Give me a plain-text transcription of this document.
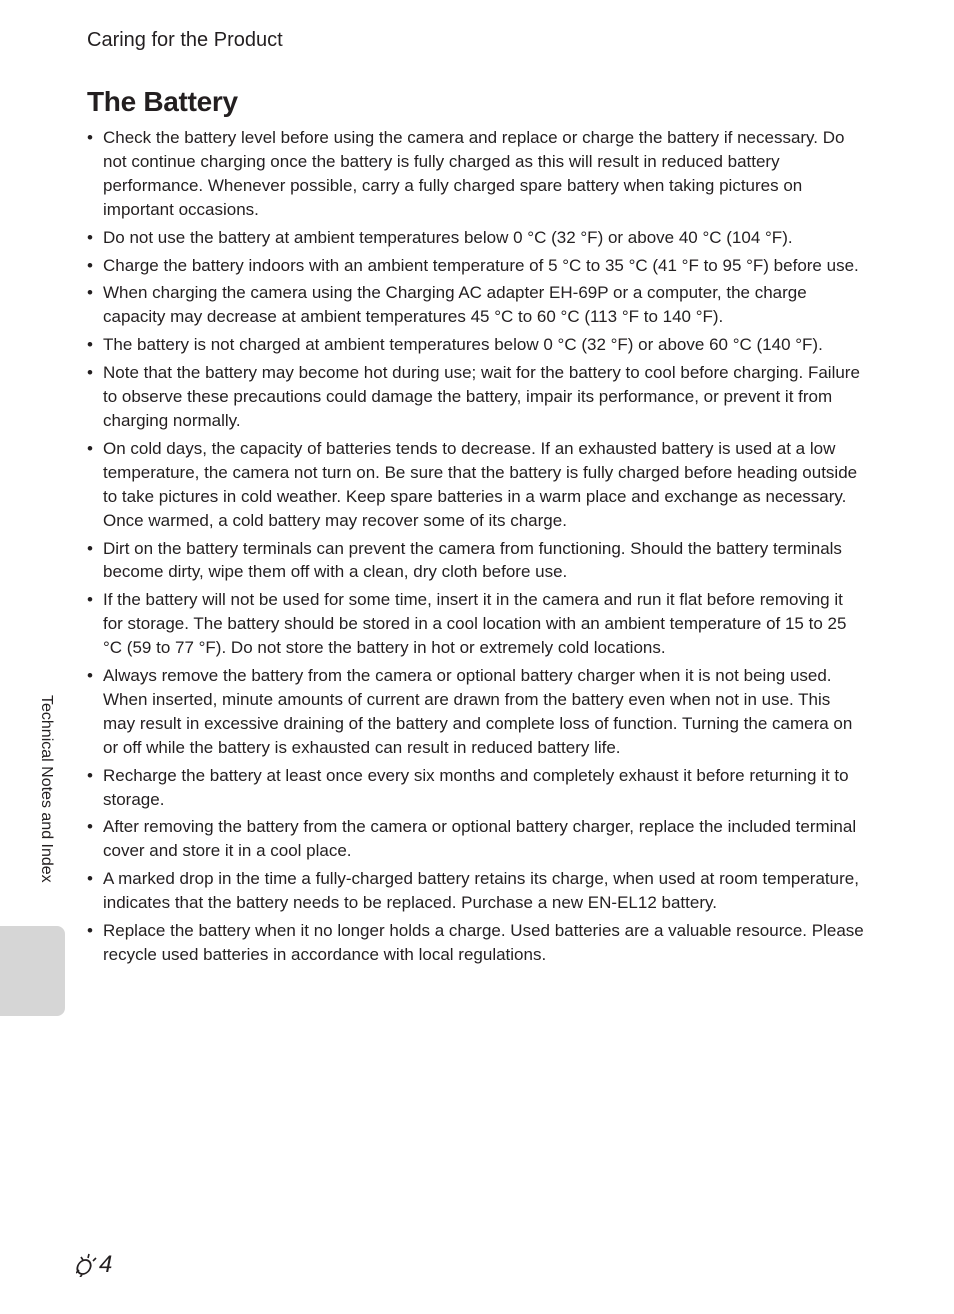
Caring for the Product
The Battery
• Check the battery level before using the camera and replace or charge the battery if necessary. Do not continue charging once the battery is fully charged as this will result in reduced battery performance. Whenever possible, carry a fully charged spare battery when taking pictures on important occasions.
• Do not use the battery at ambient temperatures below 0 °C (32 °F) or above 40 °C (104 °F).
• Charge the battery indoors with an ambient temperature of 5 °C to 35 °C (41 °F to 95 °F) before use.
• When charging the camera using the Charging AC adapter EH-69P or a computer, the charge capacity may decrease at ambient temperatures 45 °C to 60 °C (113 °F to 140 °F).
• The battery is not charged at ambient temperatures below 0 °C (32 °F) or above 60 °C (140 °F).
• Note that the battery may become hot during use; wait for the battery to cool before charging. Failure to observe these precautions could damage the battery, impair its performance, or prevent it from charging normally.
• On cold days, the capacity of batteries tends to decrease. If an exhausted battery is used at a low temperature, the camera not turn on. Be sure that the battery is fully charged before heading outside to take pictures in cold weather. Keep spare batteries in a warm place and exchange as necessary. Once warmed, a cold battery may recover some of its charge.
• Dirt on the battery terminals can prevent the camera from functioning. Should the battery terminals become dirty, wipe them off with a clean, dry cloth before use.
• If the battery will not be used for some time, insert it in the camera and run it flat before removing it for storage. The battery should be stored in a cool location with an ambient temperature of 15 to 25 °C (59 to 77 °F). Do not store the battery in hot or extremely cold locations.
• Always remove the battery from the camera or optional battery charger when it is not being used. When inserted, minute amounts of current are drawn from the battery even when not in use. This may result in excessive draining of the battery and complete loss of function. Turning the camera on or off while the battery is exhausted can result in reduced battery life.
• Recharge the battery at least once every six months and completely exhaust it before returning it to storage.
• After removing the battery from the camera or optional battery charger, replace the included terminal cover and store it in a cool place.
• A marked drop in the time a fully-charged battery retains its charge, when used at room temperature, indicates that the battery needs to be replaced. Purchase a new EN-EL12 battery.
• Replace the battery when it no longer holds a charge. Used batteries are a valuable resource. Please recycle used batteries in accordance with local regulations.
Technical Notes and Index
4
